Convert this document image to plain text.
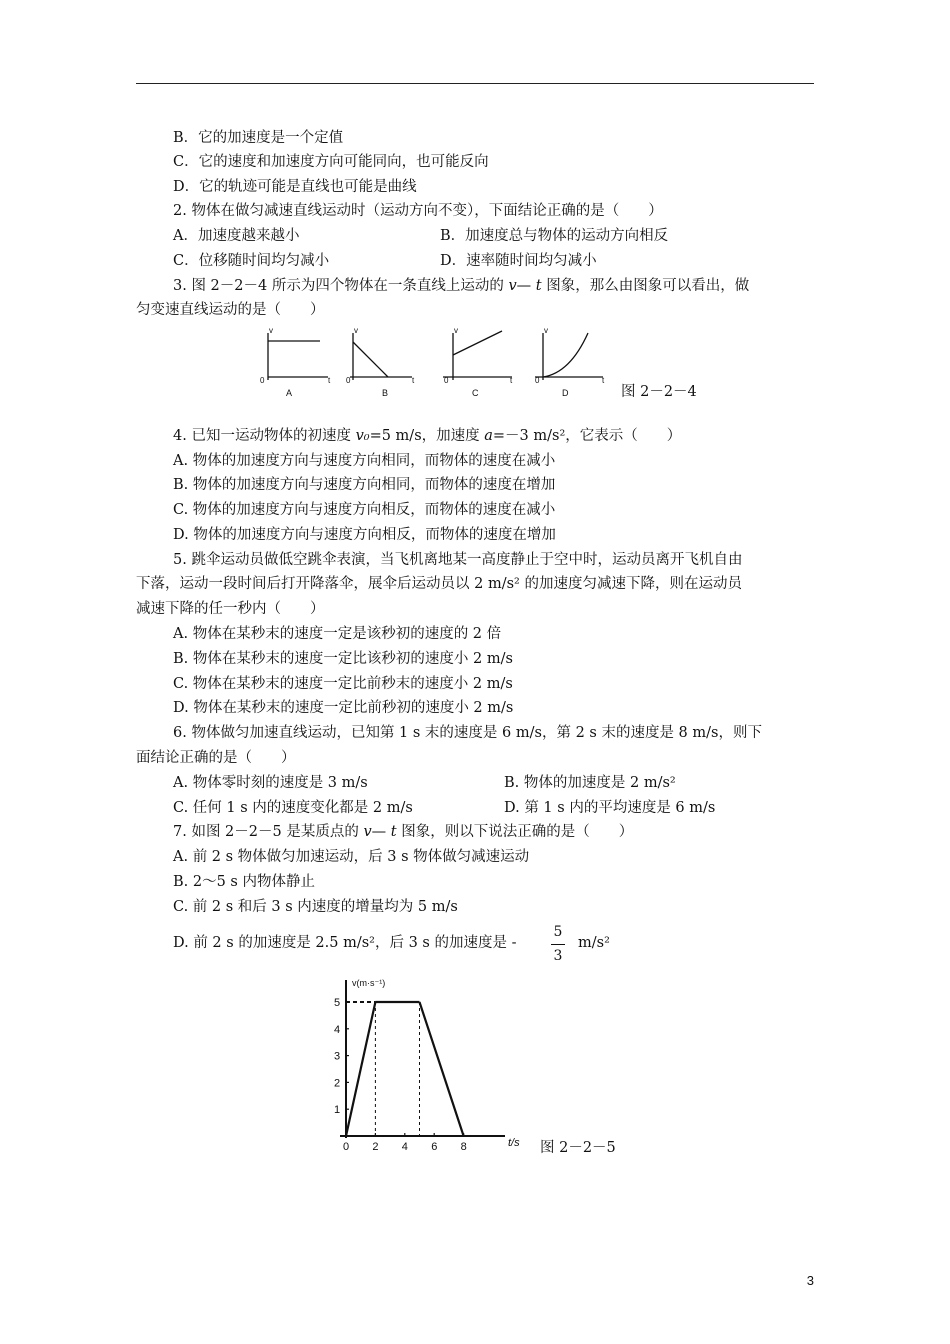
B．它的加速度是一个定值
C．它的速度和加速度方向可能同向，也可能反向
D．它的轨迹可能是直线也可能是曲线
2. 物体在做匀减速直线运动时（运动方向不变），下面结论正确的是（　　）
A．加速度越来越小	B．加速度总与物体的运动方向相反
C．位移随时间均匀减小	D．速率随时间均匀减小
3. 图 2－2－4 所示为四个物体在一条直线上运动的 v— t 图象，那么由图象可以看出，做
匀变速直线运动的是（　　）
0
v
t 0
v
t	0
v
t	0
v
t
A	B	C	D	图 2－2－4
4. 已知一运动物体的初速度 v₀=5 m/s，加速度 a=－3 m/s²，它表示（　　）
A. 物体的加速度方向与速度方向相同，而物体的速度在减小
B. 物体的加速度方向与速度方向相同，而物体的速度在增加
C. 物体的加速度方向与速度方向相反，而物体的速度在减小
D. 物体的加速度方向与速度方向相反，而物体的速度在增加
5. 跳伞运动员做低空跳伞表演，当飞机离地某一高度静止于空中时，运动员离开飞机自由
下落，运动一段时间后打开降落伞，展伞后运动员以 2 m/s² 的加速度匀减速下降，则在运动员
减速下降的任一秒内（　　）
A. 物体在某秒末的速度一定是该秒初的速度的 2 倍
B. 物体在某秒末的速度一定比该秒初的速度小 2 m/s
C. 物体在某秒末的速度一定比前秒末的速度小 2 m/s
D. 物体在某秒末的速度一定比前秒初的速度小 2 m/s
6. 物体做匀加速直线运动，已知第 1 s 末的速度是 6 m/s，第 2 s 末的速度是 8 m/s，则下
面结论正确的是（　　）
A. 物体零时刻的速度是 3 m/s	B. 物体的加速度是 2 m/s²
C. 任何 1 s 内的速度变化都是 2 m/s	D. 第 1 s 内的平均速度是 6 m/s
7. 如图 2－2－5 是某质点的 v— t 图象，则以下说法正确的是（　　）
A. 前 2 s 物体做匀加速运动，后 3 s 物体做匀减速运动
B. 2～5 s 内物体静止
C. 前 2 s 和后 3 s 内速度的增量均为 5 m/s
D. 前 2 s 的加速度是 2.5 m/s²，后 3 s 的加速度是 -
5
3
m/s²
0 2 4 6 8
1
2
3
4
5
v(m·s⁻¹)
t/s 图 2－2－5
3
